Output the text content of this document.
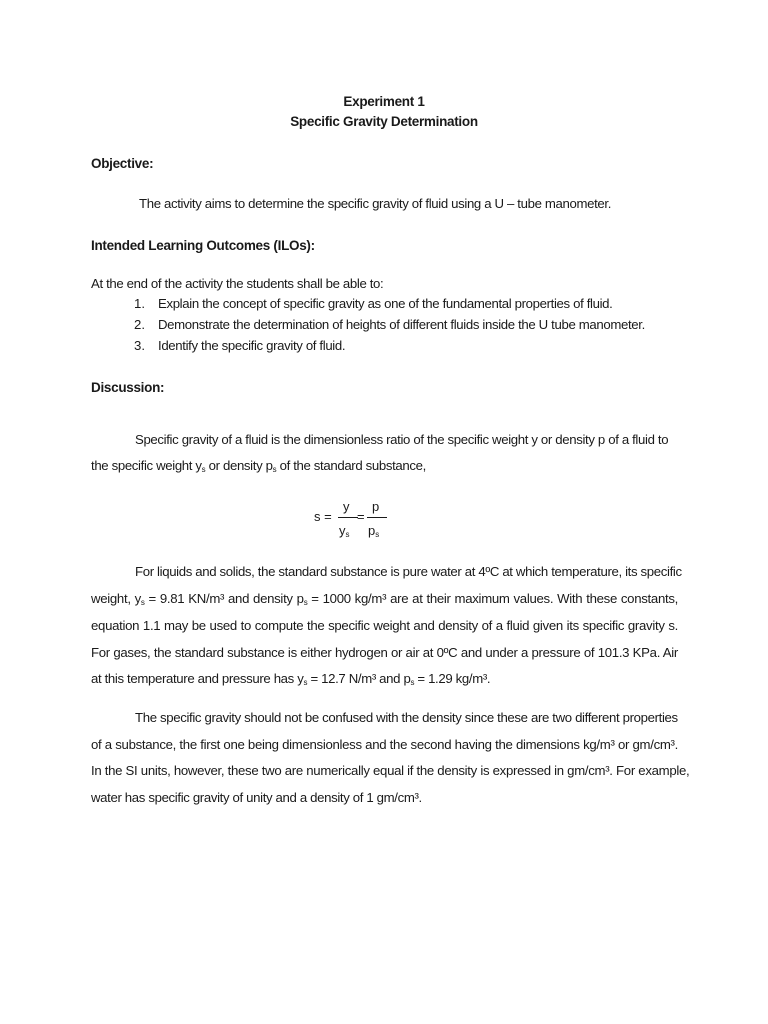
Experiment 1
Specific Gravity Determination
Objective:
The activity aims to determine the specific gravity of fluid using a U – tube manometer.
Intended Learning Outcomes (ILOs):
At the end of the activity the students shall be able to:
1. Explain the concept of specific gravity as one of the fundamental properties of fluid.
2. Demonstrate the determination of heights of different fluids inside the U tube manometer.
3. Identify the specific gravity of fluid.
Discussion:
Specific gravity of a fluid is the dimensionless ratio of the specific weight y or density p of a fluid to
the specific weight $y_s$ or density $p_s$ of the standard substance,
s =
y
$y_s$
=
p
$p_s$
For liquids and solids, the standard substance is pure water at 4ºC at which temperature, its specific
weight, $y_s = 9.81$ KN/m³ and density $p_s = 1000$ kg/m³ are at their maximum values. With these constants,
equation 1.1 may be used to compute the specific weight and density of a fluid given its specific gravity s.
For gases, the standard substance is either hydrogen or air at 0ºC and under a pressure of 101.3 KPa. Air
at this temperature and pressure has $y_s = 12.7$ N/m³ and $p_s = 1.29$ kg/m³.
The specific gravity should not be confused with the density since these are two different properties
of a substance, the first one being dimensionless and the second having the dimensions kg/m³ or gm/cm³.
In the SI units, however, these two are numerically equal if the density is expressed in gm/cm³. For example,
water has specific gravity of unity and a density of 1 gm/cm³.
